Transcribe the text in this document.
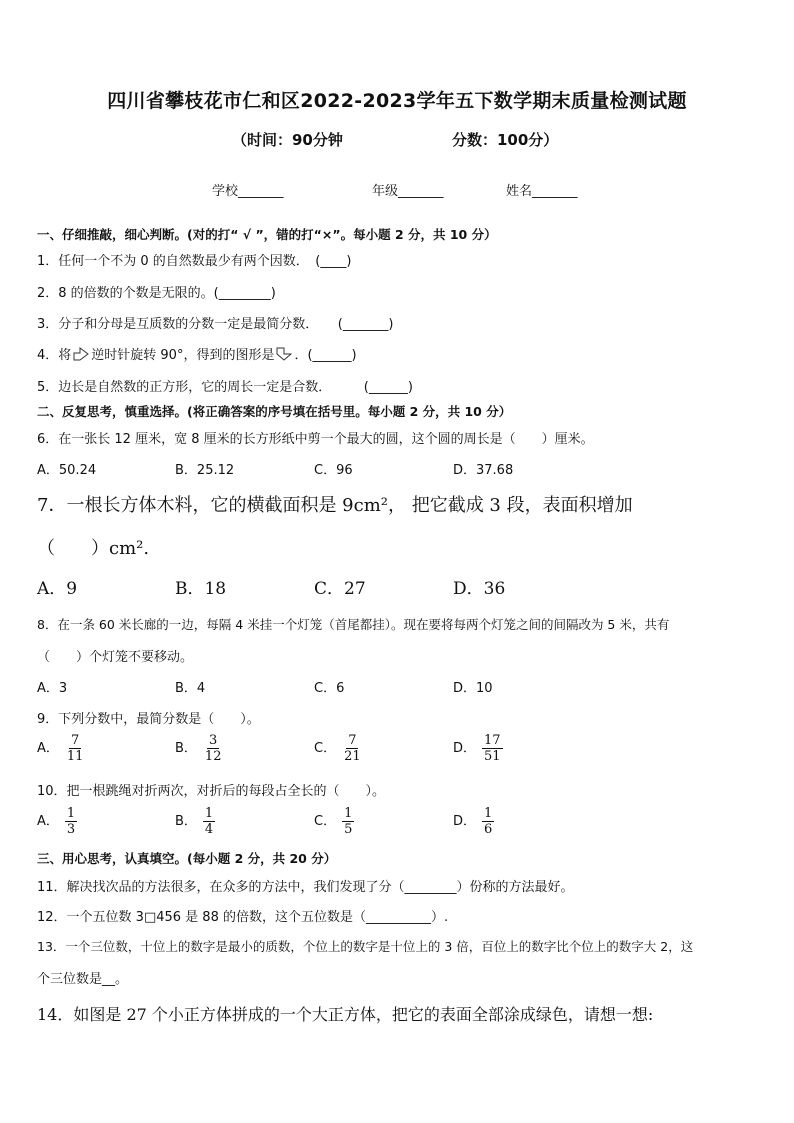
四川省攀枝花市仁和区2022-2023学年五下数学期末质量检测试题
（时间：90分钟	分数：100分）
学校_______	年级_______	姓名_______
一、仔细推敲，细心判断。(对的打“ √ ”，错的打“×”。每小题 2 分，共 10 分）
1．任何一个不为 0 的自然数最少有两个因数．　(____)
2．8 的倍数的个数是无限的。(________)
3．分子和分母是互质数的分数一定是最简分数．　　(_______)
4．将 逆时针旋转 90°，得到的图形是 ．(______)
5．边长是自然数的正方形，它的周长一定是合数．　　　(______)
二、反复思考，慎重选择。(将正确答案的序号填在括号里。每小题 2 分，共 10 分）
6．在一张长 12 厘米，宽 8 厘米的长方形纸中剪一个最大的圆，这个圆的周长是（　　）厘米。
A．50.24	B．25.12	C．96	D．37.68
7．一根长方体木料，它的横截面积是 9cm²， 把它截成 3 段，表面积增加
（　　）cm².
A．9	B．18	C．27	D．36
8．在一条 60 米长廊的一边，每隔 4 米挂一个灯笼（首尾都挂）。现在要将每两个灯笼之间的间隔改为 5 米，共有
（　　）个灯笼不要移动。
A．3	B．4	C．6	D．10
9．下列分数中，最简分数是（　　）。
A． $\frac{7}{11}$	B． $\frac{3}{12}$	C． $\frac{7}{21}$	D． $\frac{17}{51}$
10．把一根跳绳对折两次，对折后的每段占全长的（　　）。
A． $\frac{1}{3}$	B． $\frac{1}{4}$	C． $\frac{1}{5}$	D． $\frac{1}{6}$
三、用心思考，认真填空。(每小题 2 分，共 20 分）
11．解决找次品的方法很多，在众多的方法中，我们发现了分（________）份称的方法最好。
12．一个五位数 3□456 是 88 的倍数，这个五位数是（__________）.
13．一个三位数，十位上的数字是最小的质数，个位上的数字是十位上的 3 倍，百位上的数字比个位上的数字大 2，这
个三位数是__。
14．如图是 27 个小正方体拼成的一个大正方体，把它的表面全部涂成绿色，请想一想:
